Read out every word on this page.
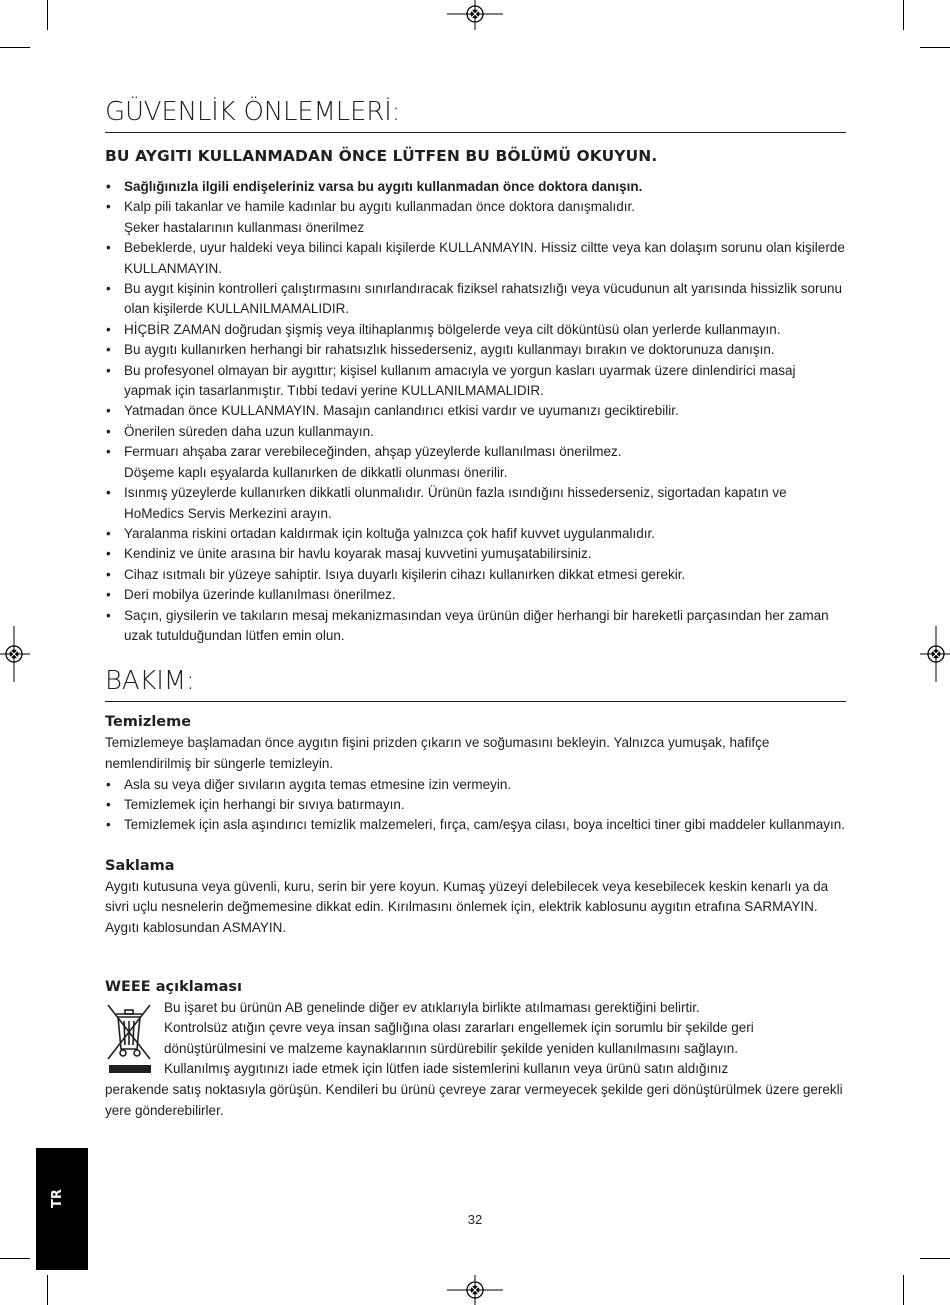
GÜVENLİK ÖNLEMLERİ:
BU AYGITI KULLANMADAN ÖNCE LÜTFEN BU BÖLÜMÜ OKUYUN.
• Sağlığınızla ilgili endişeleriniz varsa bu aygıtı kullanmadan önce doktora danışın.
• Kalp pili takanlar ve hamile kadınlar bu aygıtı kullanmadan önce doktora danışmalıdır.
Şeker hastalarının kullanması önerilmez
• Bebeklerde, uyur haldeki veya bilinci kapalı kişilerde KULLANMAYIN. Hissiz ciltte veya kan dolaşım sorunu olan kişilerde KULLANMAYIN.
• Bu aygıt kişinin kontrolleri çalıştırmasını sınırlandıracak fiziksel rahatsızlığı veya vücudunun alt yarısında hissizlik sorunu olan kişilerde KULLANILMAMALIDIR.
• HİÇBİR ZAMAN doğrudan şişmiş veya iltihaplanmış bölgelerde veya cilt döküntüsü olan yerlerde kullanmayın.
• Bu aygıtı kullanırken herhangi bir rahatsızlık hissederseniz, aygıtı kullanmayı bırakın ve doktorunuza danışın.
• Bu profesyonel olmayan bir aygıttır; kişisel kullanım amacıyla ve yorgun kasları uyarmak üzere dinlendirici masaj yapmak için tasarlanmıştır. Tıbbi tedavi yerine KULLANILMAMALIDIR.
• Yatmadan önce KULLANMAYIN. Masajın canlandırıcı etkisi vardır ve uyumanızı geciktirebilir.
• Önerilen süreden daha uzun kullanmayın.
• Fermuarı ahşaba zarar verebileceğinden, ahşap yüzeylerde kullanılması önerilmez.
Döşeme kaplı eşyalarda kullanırken de dikkatli olunması önerilir.
• Isınmış yüzeylerde kullanırken dikkatli olunmalıdır. Ürünün fazla ısındığını hissederseniz, sigortadan kapatın ve HoMedics Servis Merkezini arayın.
• Yaralanma riskini ortadan kaldırmak için koltuğa yalnızca çok hafif kuvvet uygulanmalıdır.
• Kendiniz ve ünite arasına bir havlu koyarak masaj kuvvetini yumuşatabilirsiniz.
• Cihaz ısıtmalı bir yüzeye sahiptir. Isıya duyarlı kişilerin cihazı kullanırken dikkat etmesi gerekir.
• Deri mobilya üzerinde kullanılması önerilmez.
• Saçın, giysilerin ve takıların mesaj mekanizmasından veya ürünün diğer herhangi bir hareketli parçasından her zaman uzak tutulduğundan lütfen emin olun.
BAKIM:
Temizleme

Temizlemeye başlamadan önce aygıtın fişini prizden çıkarın ve soğumasını bekleyin. Yalnızca yumuşak, hafifçe nemlendirilmiş bir süngerle temizleyin.

• Asla su veya diğer sıvıların aygıta temas etmesine izin vermeyin.
• Temizlemek için herhangi bir sıvıya batırmayın.
• Temizlemek için asla aşındırıcı temizlik malzemeleri, fırça, cam/eşya cilası, boya inceltici tiner gibi maddeler kullanmayın.
Saklama

Aygıtı kutusuna veya güvenli, kuru, serin bir yere koyun. Kumaş yüzeyi delebilecek veya kesebilecek keskin kenarlı ya da sivri uçlu nesnelerin değmemesine dikkat edin. Kırılmasını önlemek için, elektrik kablosunu aygıtın etrafına SARMAYIN. Aygıtı kablosundan ASMAYIN.

WEEE açıklaması

Bu işaret bu ürünün AB genelinde diğer ev atıklarıyla birlikte atılmaması gerektiğini belirtir.

Kontrolsüz atığın çevre veya insan sağlığına olası zararları engellemek için sorumlu bir şekilde geri

dönüştürülmesini ve malzeme kaynaklarının sürdürebilir şekilde yeniden kullanılmasını sağlayın.

Kullanılmış aygıtınızı iade etmek için lütfen iade sistemlerini kullanın veya ürünü satın aldığınız

perakende satış noktasıyla görüşün. Kendileri bu ürünü çevreye zarar vermeyecek şekilde geri dönüştürülmek üzere gerekli yere gönderebilirler.

TR
32
